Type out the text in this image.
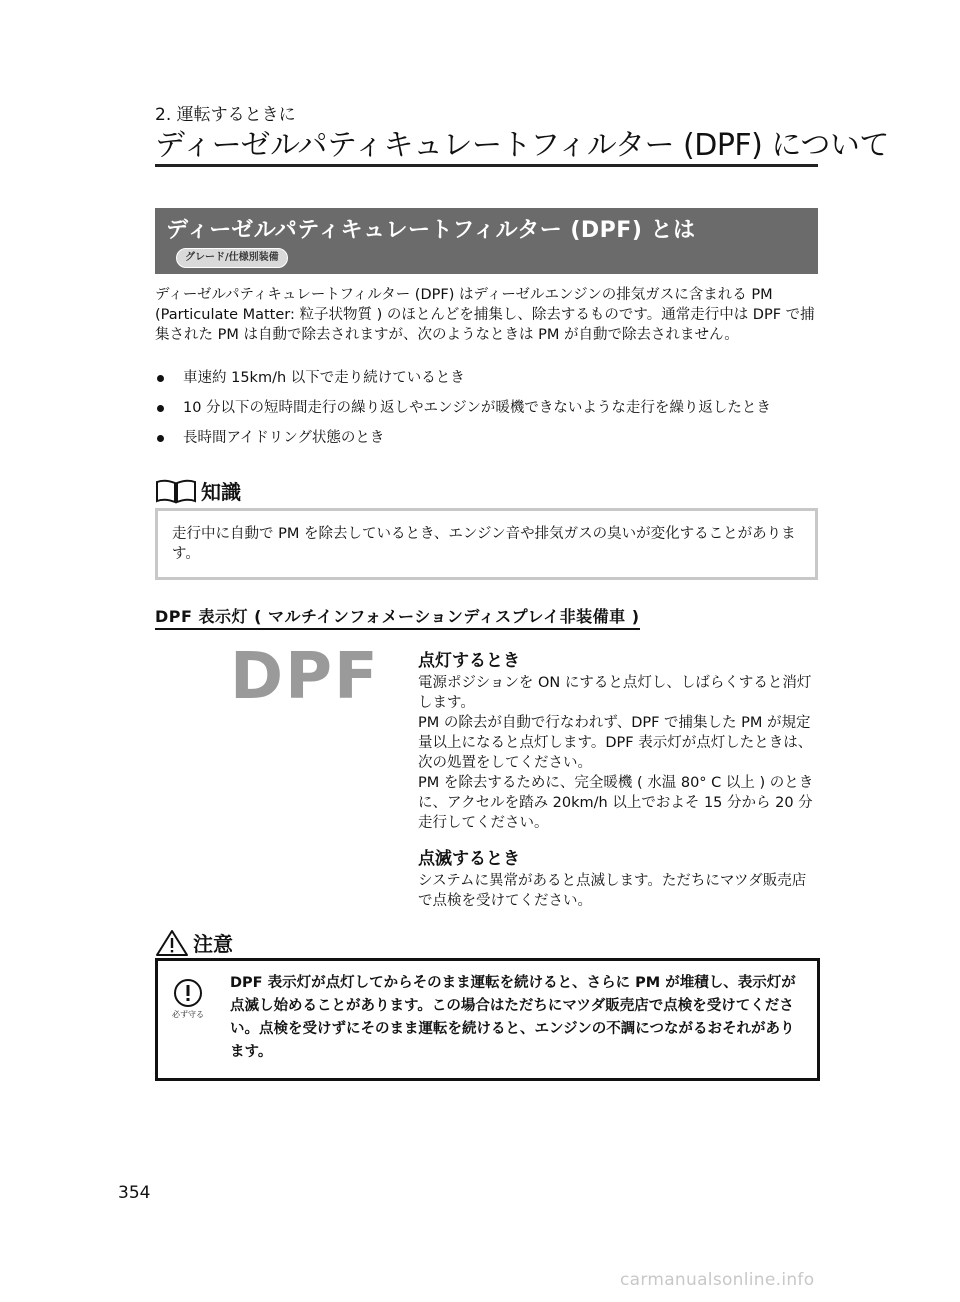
2. 運転するときに
ディーゼルパティキュレートフィルター (DPF) について
ディーゼルパティキュレートフィルター (DPF) とは
グレード/仕様別装備

ディーゼルパティキュレートフィルター (DPF) はディーゼルエンジンの排気ガスに含まれる PM (Particulate Matter: 粒子状物質 ) のほとんどを捕集し、除去するものです。通常走行中は DPF で捕集された PM は自動で除去されますが、次のようなときは PM が自動で除去されません。

車速約 15km/h 以下で走り続けているとき
10 分以下の短時間走行の繰り返しやエンジンが暖機できないような走行を繰り返したとき
長時間アイドリング状態のとき
知識
走行中に自動で PM を除去しているとき、エンジン音や排気ガスの臭いが変化することがあります。
DPF 表示灯 ( マルチインフォメーションディスプレイ非装備車 )
DPF 点灯するとき

電源ポジションを ON にすると点灯し、しばらくすると消灯します。

PM の除去が自動で行なわれず、DPF で捕集した PM が規定量以上になると点灯します。DPF 表示灯が点灯したときは、次の処置をしてください。

PM を除去するために、完全暖機 ( 水温 80° C 以上 ) のときに、アクセルを踏み 20km/h 以上でおよそ 15 分から 20 分走行してください。

点滅するとき

システムに異常があると点滅します。ただちにマツダ販売店で点検を受けてください。

注意
必ず守る
DPF 表示灯が点灯してからそのまま運転を続けると、さらに PM が堆積し、表示灯が点滅し始めることがあります。この場合はただちにマツダ販売店で点検を受けてください。点検を受けずにそのまま運転を続けると、エンジンの不調につながるおそれがあります。
354
carmanualsonline.info
